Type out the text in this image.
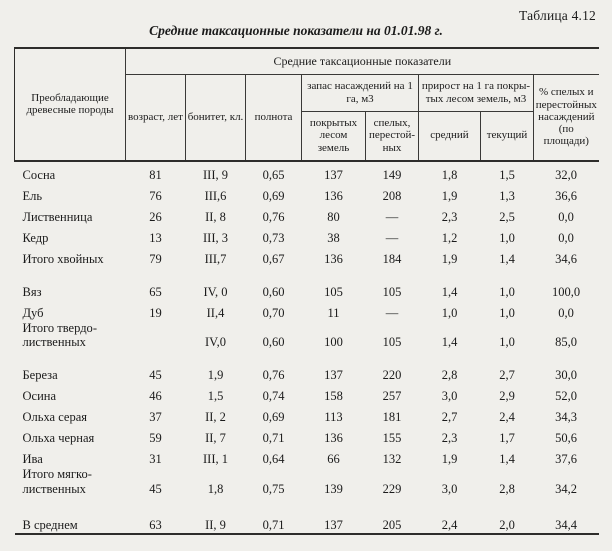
Таблица 4.12
Средние таксационные показатели на 01.01.98 г.
Преобладающие древесные породы	Средние таксационные показатели							
	возраст, лет	бонитет, кл.	полнота	запас насаждений на 1 га, м3		прирост на 1 га покрытых лесом земель, м3		% спелых и перестойных насаждений (по площади)
				покрытых лесом земель	спелых, перестойных	средний	текущий	
Сосна	81	III, 9	0,65	137	149	1,8	1,5	32,0
Ель	76	III,6	0,69	136	208	1,9	1,3	36,6
Лиственница	26	II, 8	0,76	80	—	2,3	2,5	0,0
Кедр	13	III, 3	0,73	38	—	1,2	1,0	0,0
Итого хвойных	79	III,7	0,67	136	184	1,9	1,4	34,6

Вяз	65	IV, 0	0,60	105	105	1,4	1,0	100,0
Дуб	19	II,4	0,70	11	—	1,0	1,0	0,0
Итого твердолиственных		IV,0	0,60	100	105	1,4	1,0	85,0

Береза	45	1,9	0,76	137	220	2,8	2,7	30,0
Осина	46	1,5	0,74	158	257	3,0	2,9	52,0
Ольха серая	37	II, 2	0,69	113	181	2,7	2,4	34,3
Ольха черная	59	II, 7	0,71	136	155	2,3	1,7	50,6
Ива	31	III, 1	0,64	66	132	1,9	1,4	37,6
Итого мягколиственных	45	1,8	0,75	139	229	3,0	2,8	34,2

В среднем	63	II, 9	0,71	137	205	2,4	2,0	34,4
